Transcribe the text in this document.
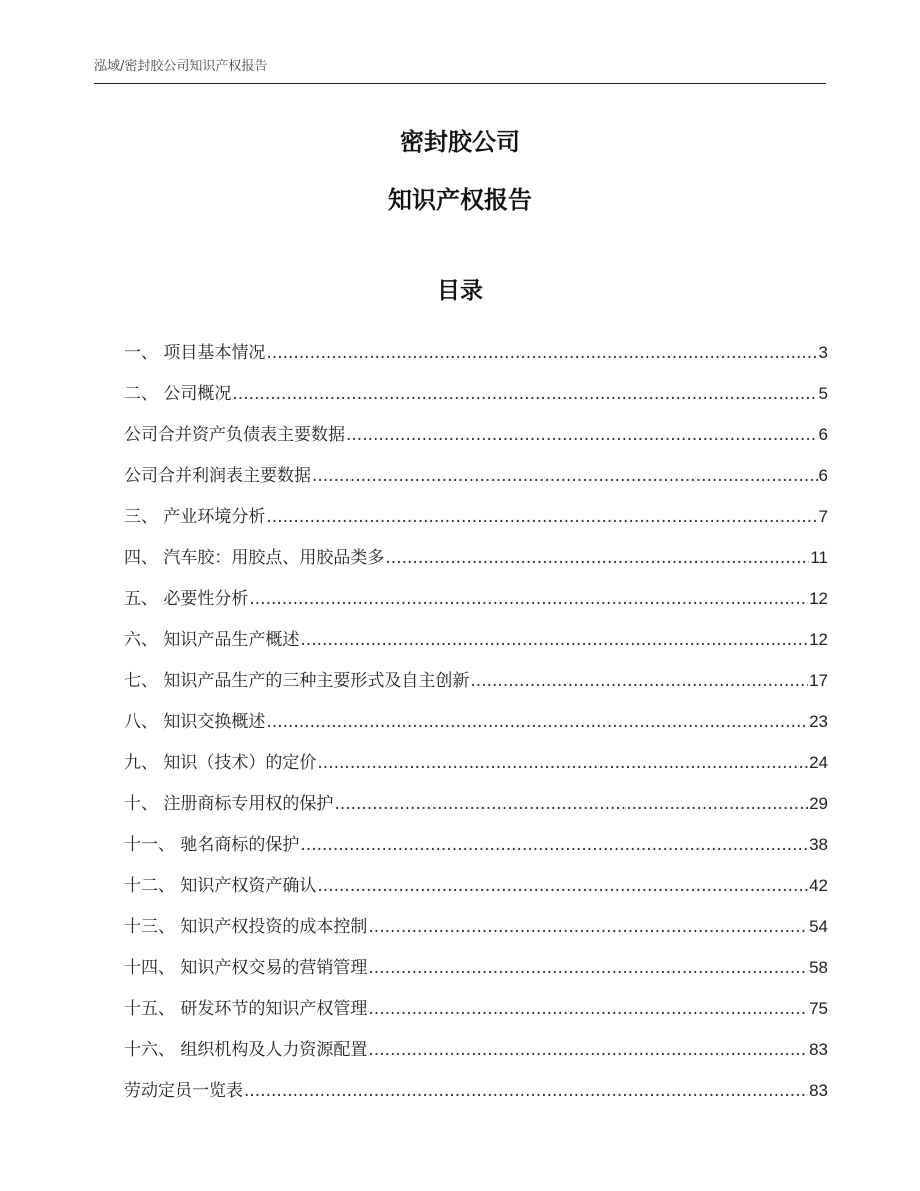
泓域/密封胶公司知识产权报告
密封胶公司
知识产权报告
目录
一、 项目基本情况 .....	3
二、 公司概况 .....	5
公司合并资产负债表主要数据 .....	6
公司合并利润表主要数据 .....	6
三、 产业环境分析 .....	7
四、 汽车胶：用胶点、用胶品类多 .....	11
五、 必要性分析 .....	12
六、 知识产品生产概述 .....	12
七、 知识产品生产的三种主要形式及自主创新 .....	17
八、 知识交换概述 .....	23
九、 知识（技术）的定价 .....	24
十、 注册商标专用权的保护 .....	29
十一、 驰名商标的保护 .....	38
十二、 知识产权资产确认 .....	42
十三、 知识产权投资的成本控制 .....	54
十四、 知识产权交易的营销管理 .....	58
十五、 研发环节的知识产权管理 .....	75
十六、 组织机构及人力资源配置 .....	83
劳动定员一览表 .....	83
